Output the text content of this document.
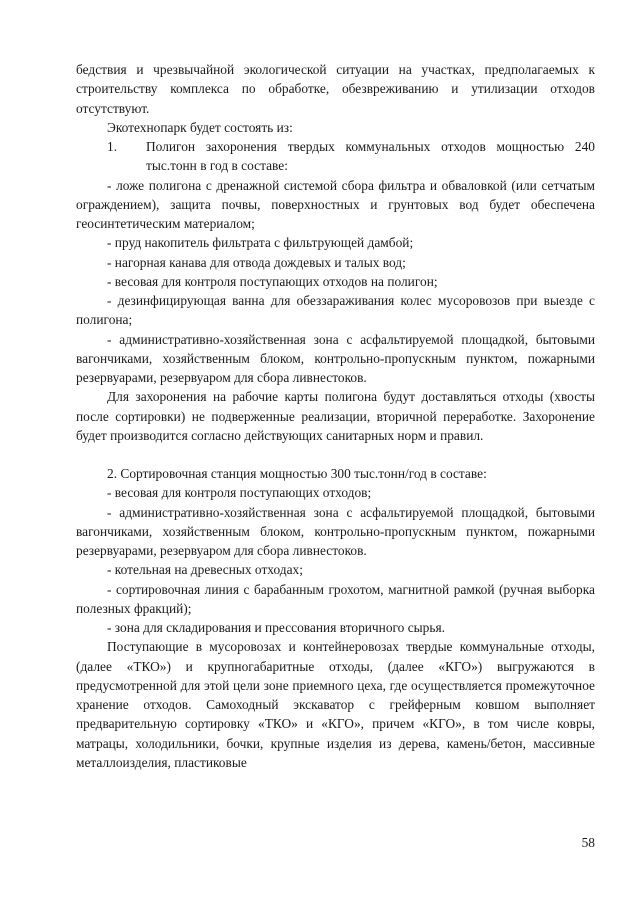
бедствия и чрезвычайной экологической ситуации на участках, предполагаемых к строительству комплекса по обработке, обезвреживанию и утилизации отходов отсутствуют.

Экотехнопарк будет состоять из:

1.	Полигон захоронения твердых коммунальных отходов мощностью 240 тыс.тонн в год в составе:

- ложе полигона с дренажной системой сбора фильтра и обваловкой (или сетчатым ограждением), защита почвы, поверхностных и грунтовых вод будет обеспечена геосинтетическим материалом;

- пруд накопитель фильтрата с фильтрующей дамбой;

- нагорная канава для отвода дождевых и талых вод;

- весовая для контроля поступающих отходов на полигон;

- дезинфицирующая ванна для обеззараживания колес мусоровозов при выезде с полигона;

- административно-хозяйственная зона с асфальтируемой площадкой, бытовыми вагончиками, хозяйственным блоком, контрольно-пропускным пунктом, пожарными резервуарами, резервуаром для сбора ливнестоков.

Для захоронения на рабочие карты полигона будут доставляться отходы (хвосты после сортировки) не подверженные реализации, вторичной переработке. Захоронение будет производится согласно действующих санитарных норм и правил.

2. Сортировочная станция мощностью 300 тыс.тонн/год в составе:

- весовая для контроля поступающих отходов;

- административно-хозяйственная зона с асфальтируемой площадкой, бытовыми вагончиками, хозяйственным блоком, контрольно-пропускным пунктом, пожарными резервуарами, резервуаром для сбора ливнестоков.

- котельная на древесных отходах;

- сортировочная линия с барабанным грохотом, магнитной рамкой (ручная выборка полезных фракций);

- зона для складирования и прессования вторичного сырья.

Поступающие в мусоровозах и контейнеровозах твердые коммунальные отходы, (далее «ТКО») и крупногабаритные отходы, (далее «КГО») выгружаются в предусмотренной для этой цели зоне приемного цеха, где осуществляется промежуточное хранение отходов. Самоходный экскаватор с грейферным ковшом выполняет предварительную сортировку «ТКО» и «КГО», причем «КГО», в том числе ковры, матрацы, холодильники, бочки, крупные изделия из дерева, камень/бетон, массивные металлоизделия, пластиковые

58
